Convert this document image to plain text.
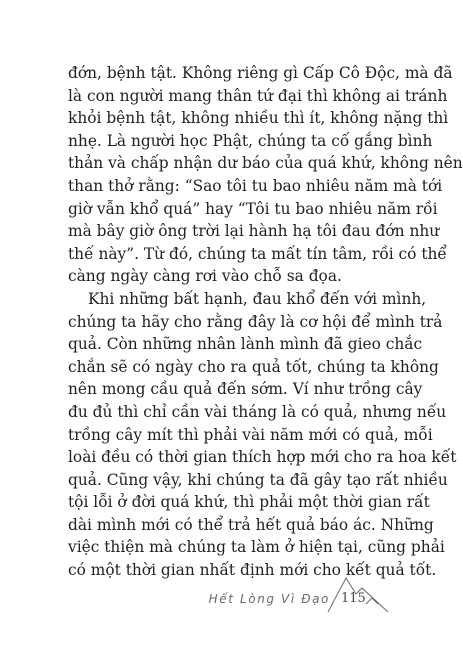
đớn, bệnh tật. Không riêng gì Cấp Cô Độc, mà đã
là con người mang thân tứ đại thì không ai tránh
khỏi bệnh tật, không nhiều thì ít, không nặng thì
nhẹ. Là người học Phật, chúng ta cố gắng bình
thản và chấp nhận dư báo của quá khứ, không nên
than thở rằng: “Sao tôi tu bao nhiêu năm mà tới
giờ vẫn khổ quá” hay “Tôi tu bao nhiêu năm rồi
mà bây giờ ông trời lại hành hạ tôi đau đớn như
thế này”. Từ đó, chúng ta mất tín tâm, rồi có thể
càng ngày càng rơi vào chỗ sa đọa.

Khi những bất hạnh, đau khổ đến với mình,
chúng ta hãy cho rằng đây là cơ hội để mình trả
quả. Còn những nhân lành mình đã gieo chắc
chắn sẽ có ngày cho ra quả tốt, chúng ta không
nên mong cầu quả đến sớm. Ví như trồng cây
đu đủ thì chỉ cần vài tháng là có quả, nhưng nếu
trồng cây mít thì phải vài năm mới có quả, mỗi
loài đều có thời gian thích hợp mới cho ra hoa kết
quả. Cũng vậy, khi chúng ta đã gây tạo rất nhiều
tội lỗi ở đời quá khứ, thì phải một thời gian rất
dài mình mới có thể trả hết quả báo ác. Những
việc thiện mà chúng ta làm ở hiện tại, cũng phải
có một thời gian nhất định mới cho kết quả tốt.

Hết Lòng Vì Đạo 115
